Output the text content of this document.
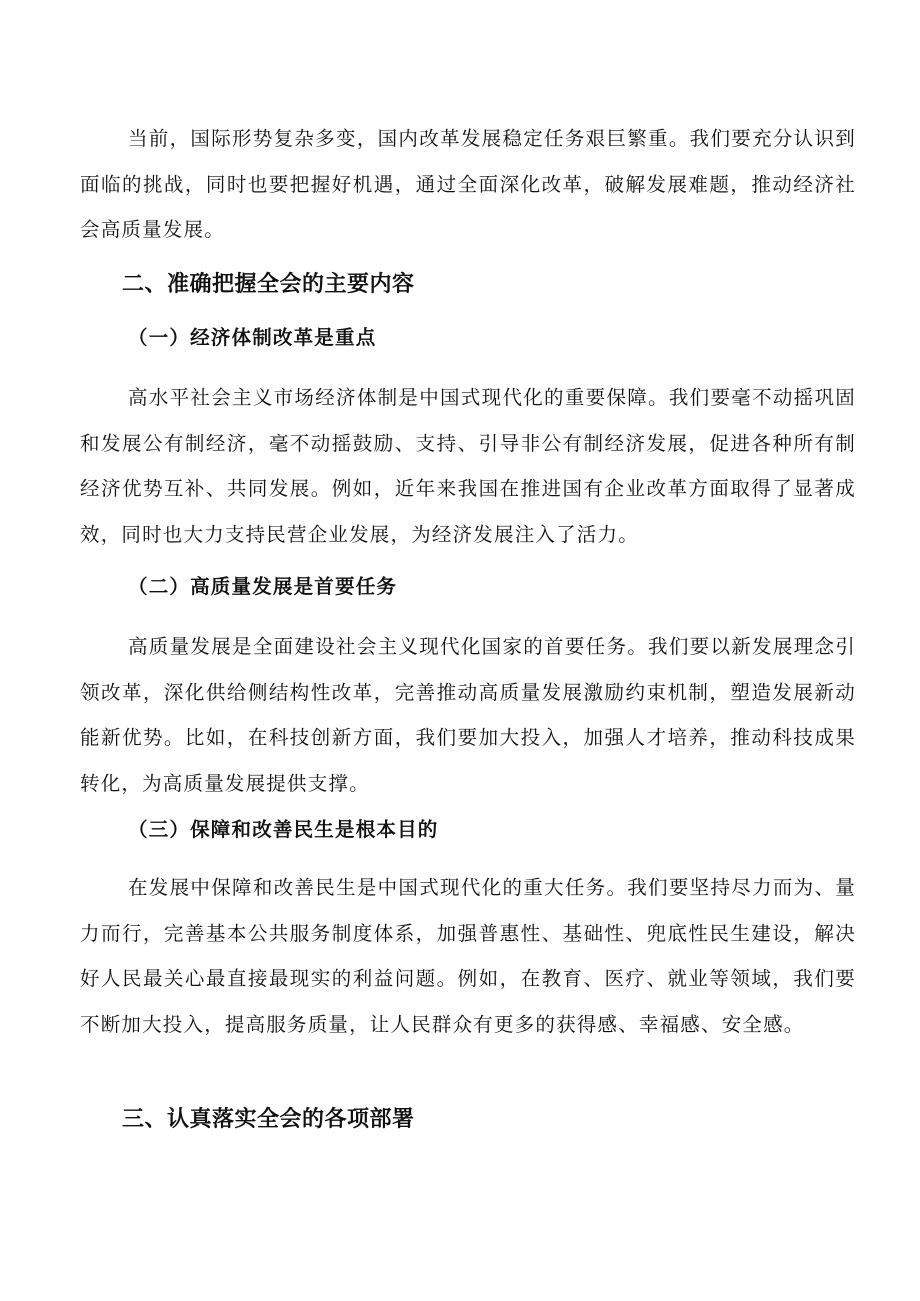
当前，国际形势复杂多变，国内改革发展稳定任务艰巨繁重。我们要充分认识到面临的挑战，同时也要把握好机遇，通过全面深化改革，破解发展难题，推动经济社会高质量发展。

二、准确把握全会的主要内容
（一）经济体制改革是重点

高水平社会主义市场经济体制是中国式现代化的重要保障。我们要毫不动摇巩固和发展公有制经济，毫不动摇鼓励、支持、引导非公有制经济发展，促进各种所有制经济优势互补、共同发展。例如，近年来我国在推进国有企业改革方面取得了显著成效，同时也大力支持民营企业发展，为经济发展注入了活力。

（二）高质量发展是首要任务

高质量发展是全面建设社会主义现代化国家的首要任务。我们要以新发展理念引领改革，深化供给侧结构性改革，完善推动高质量发展激励约束机制，塑造发展新动能新优势。比如，在科技创新方面，我们要加大投入，加强人才培养，推动科技成果转化，为高质量发展提供支撑。

（三）保障和改善民生是根本目的

在发展中保障和改善民生是中国式现代化的重大任务。我们要坚持尽力而为、量力而行，完善基本公共服务制度体系，加强普惠性、基础性、兜底性民生建设，解决好人民最关心最直接最现实的利益问题。例如，在教育、医疗、就业等领域，我们要不断加大投入，提高服务质量，让人民群众有更多的获得感、幸福感、安全感。

三、认真落实全会的各项部署
